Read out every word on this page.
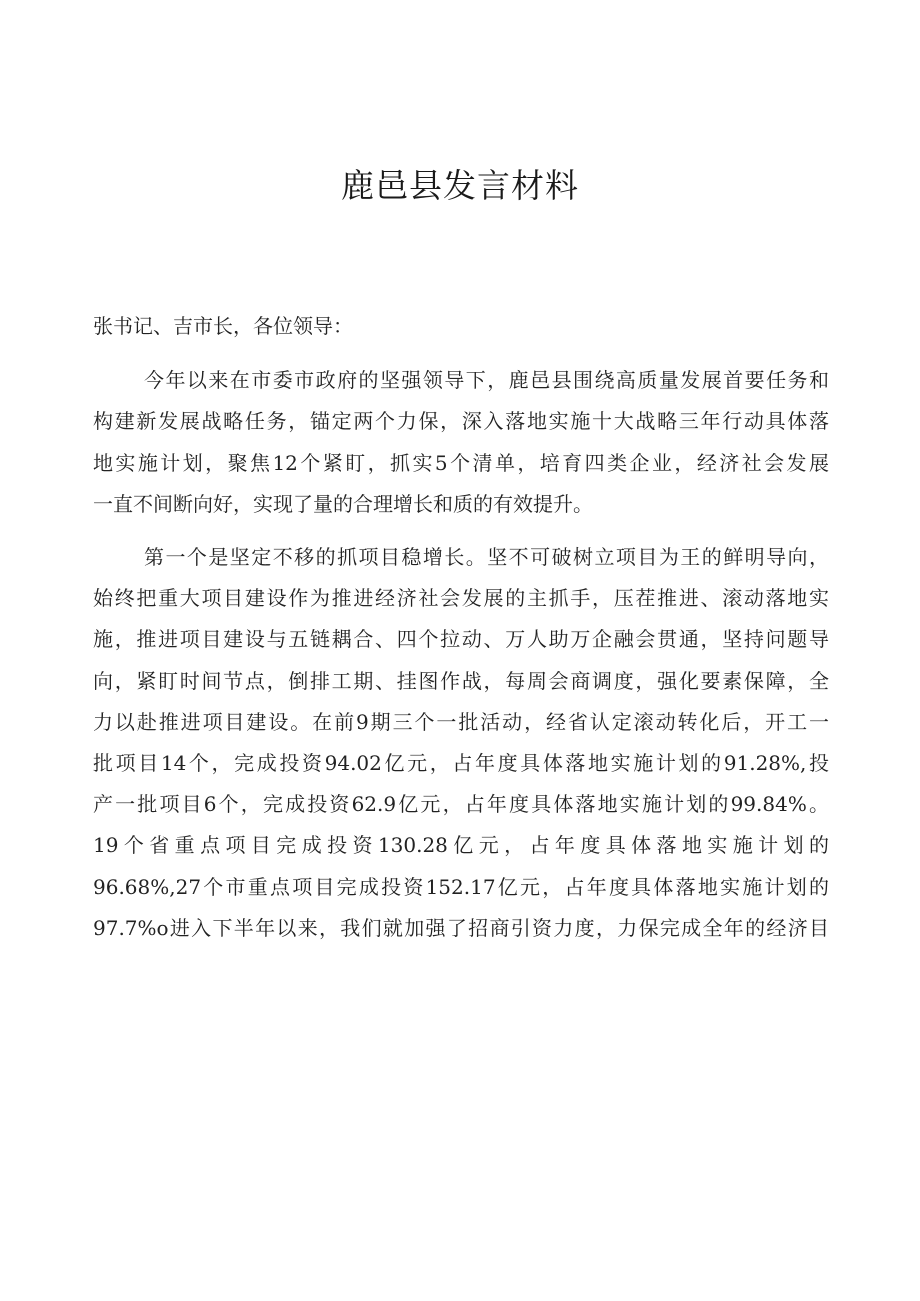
鹿邑县发言材料

张书记、吉市长，各位领导：

今年以来在市委市政府的坚强领导下，鹿邑县围绕高质量发展首要任务和
构建新发展战略任务，锚定两个力保，深入落地实施十大战略三年行动具体落
地实施计划，聚焦12个紧盯，抓实5个清单，培育四类企业，经济社会发展
一直不间断向好，实现了量的合理增长和质的有效提升。

第一个是坚定不移的抓项目稳增长。坚不可破树立项目为王的鲜明导向，
始终把重大项目建设作为推进经济社会发展的主抓手，压茬推进、滚动落地实
施，推进项目建设与五链耦合、四个拉动、万人助万企融会贯通，坚持问题导
向，紧盯时间节点，倒排工期、挂图作战，每周会商调度，强化要素保障，全
力以赴推进项目建设。在前9期三个一批活动，经省认定滚动转化后，开工一
批项目14个，完成投资94.02亿元，占年度具体落地实施计划的91.28%,投
产一批项目6个，完成投资62.9亿元，占年度具体落地实施计划的99.84%。
19个省重点项目完成投资130.28亿元，占年度具体落地实施计划的
96.68%,27个市重点项目完成投资152.17亿元，占年度具体落地实施计划的
97.7%o进入下半年以来，我们就加强了招商引资力度，力保完成全年的经济目
